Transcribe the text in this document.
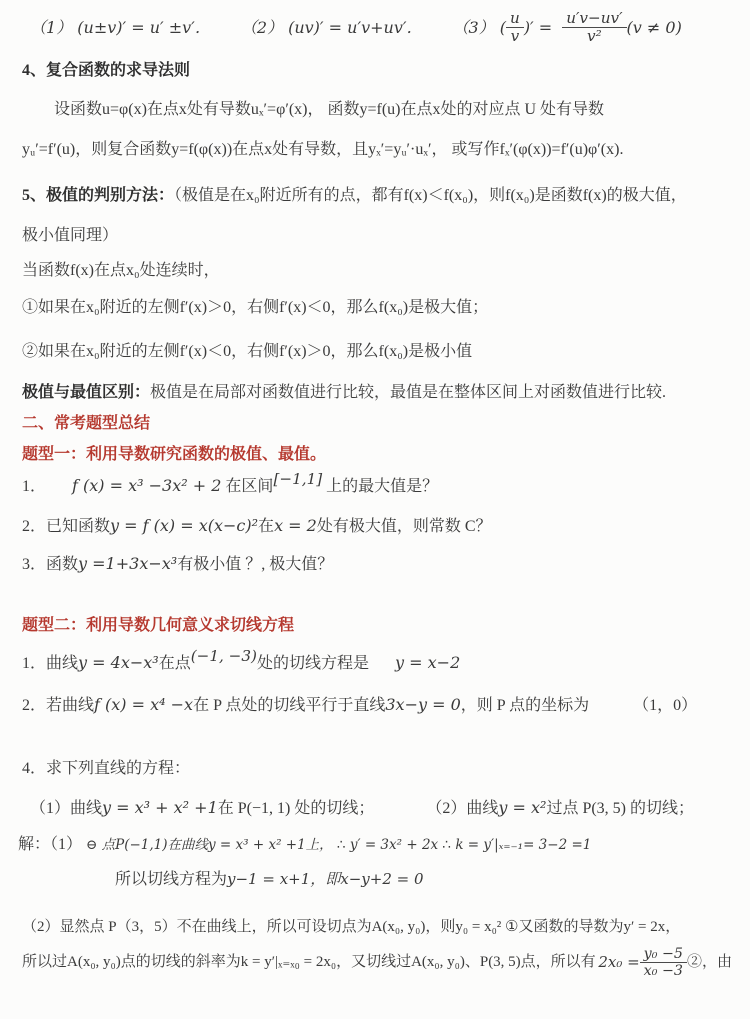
（1） (u±v)′ = u′ ±v′． （2） (uv)′ = u′v+uv′． （3） ( $\frac{u}{v}$ )′ = $\frac{u'v-uv'}{\text{v²}} (v \ne 0)$
4、复合函数的求导法则
设函数u=φ(x)在点x处有导数uₓ′=φ′(x)， 函数y=f(u)在点x处的对应点 U 处有导数
yᵤ′=f′(u)，则复合函数y=f(φ(x))在点x处有导数，且yₓ′=yᵤ′·uₓ′， 或写作fₓ′(φ(x))=f′(u)φ′(x).
5、极值的判别方法：（极值是在x₀附近所有的点，都有f(x)＜f(x₀)，则f(x₀)是函数f(x)的极大值，
极小值同理）
当函数f(x)在点x₀处连续时，
①如果在x₀附近的左侧f′(x)＞0，右侧f′(x)＜0，那么f(x₀)是极大值；
②如果在x₀附近的左侧f′(x)＜0，右侧f′(x)＞0，那么f(x₀)是极小值
极值与最值区别：极值是在局部对函数值进行比较，最值是在整体区间上对函数值进行比较.
二、常考题型总结
题型一：利用导数研究函数的极值、最值。
1． f (x) = x³ −3x² + 2 在区间[−1,1] 上的最大值是？
2．已知函数y = f (x) = x(x−c)²在x = 2处有极大值，则常数 C？
3．函数y =1+3x−x³有极小值 ？, 极大值？
题型二：利用导数几何意义求切线方程
1．曲线y = 4x−x³在点(−1, −3)处的切线方程是 y = x−2
2．若曲线f (x) = x⁴ −x在 P 点处的切线平行于直线3x−y = 0，则 P 点的坐标为	（1，0）
4．求下列直线的方程：
（1）曲线y = x³ + x² +1在 P(−1, 1) 处的切线；	（2）曲线y = x²过点 P(3, 5) 的切线；
解：（1） ⊖ 点P(−1,1)在曲线y = x³ + x² +1上， ∴ y′ = 3x² + 2x ∴ k = y′|ₓ₌₋₁= 3−2 =1
所以切线方程为y−1 = x+1，即x−y+2 = 0
（2）显然点 P（3，5）不在曲线上，所以可设切点为A(x₀, y₀)，则y₀ = x₀² ①又函数的导数为y′ = 2x，
所以过A(x₀, y₀)点的切线的斜率为k = y′|ₓ₌ₓ₀ = 2x₀，又切线过A(x₀, y₀)、P(3, 5)点，所以有 $2x_0 = \frac{\text{y₀ −5}}{\text{x₀ −3}}$ ②，由
